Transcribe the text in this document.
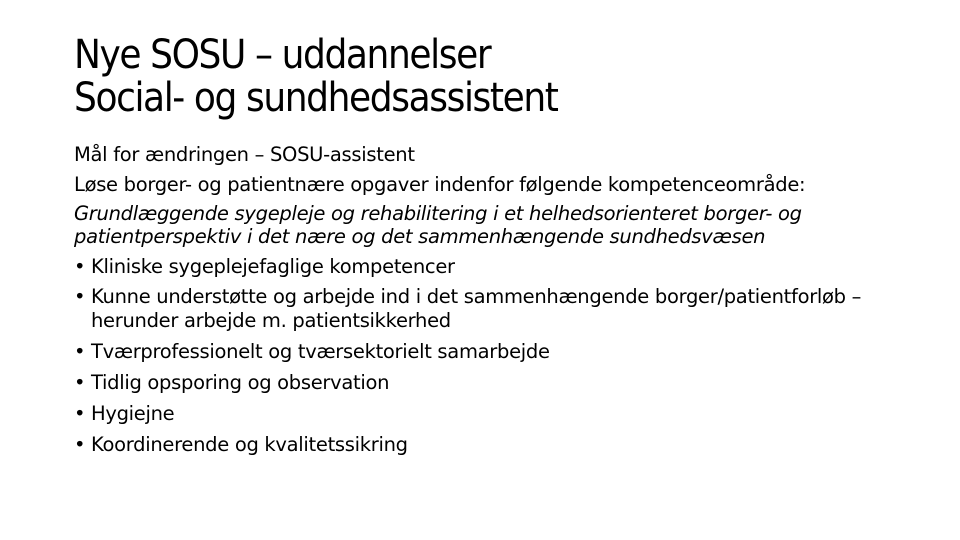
Nye SOSU – uddannelser
Social- og sundhedsassistent
Mål for ændringen – SOSU-assistent
Løse borger- og patientnære opgaver indenfor følgende kompetenceområde:
Grundlæggende sygepleje og rehabilitering i et helhedsorienteret borger- og patientperspektiv i det nære og det sammenhængende sundhedsvæsen
• Kliniske sygeplejefaglige kompetencer
• Kunne understøtte og arbejde ind i det sammenhængende borger/patientforløb – herunder arbejde m. patientsikkerhed
• Tværprofessionelt og tværsektorielt samarbejde
• Tidlig opsporing og observation
• Hygiejne
• Koordinerende og kvalitetssikring
